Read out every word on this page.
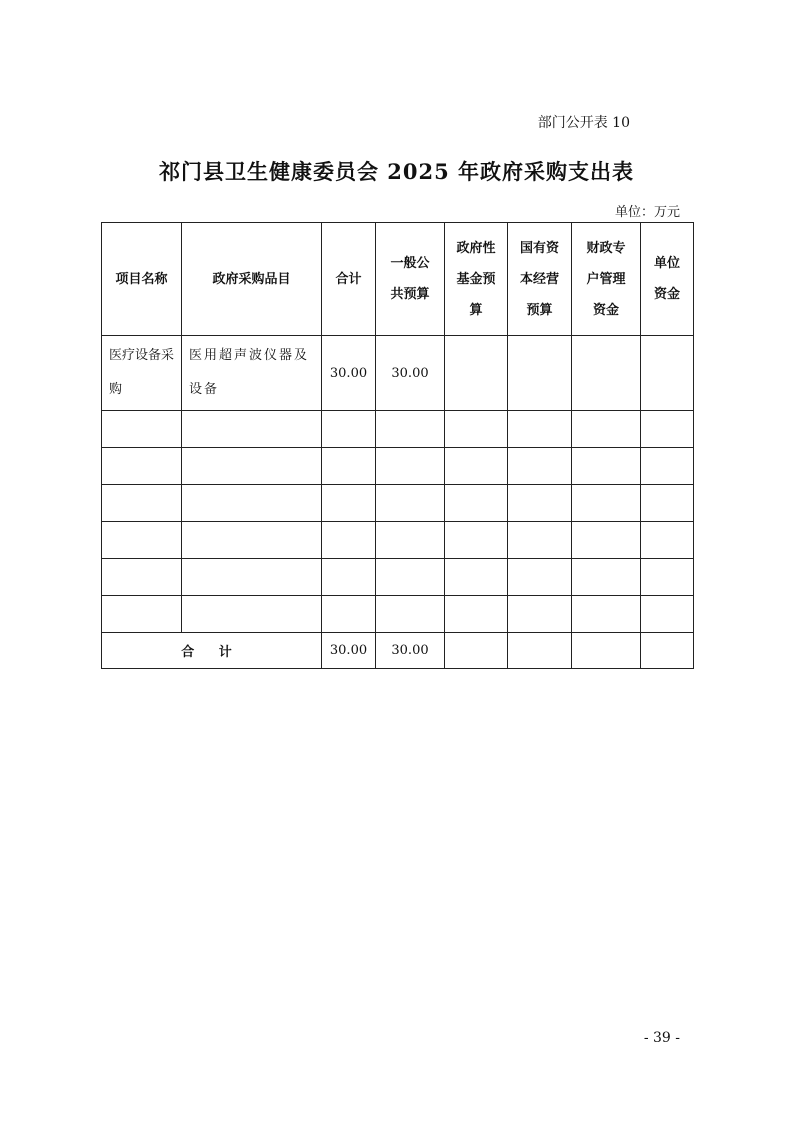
部门公开表 10
祁门县卫生健康委员会 2025 年政府采购支出表
单位：万元
项目名称	政府采购品目	合计	一般公共预算	政府性基金预算	国有资本经营预算	财政专户管理资金	单位资金
医疗设备采购	医用超声波仪器及设备	30.00	30.00				

合 计		30.00	30.00				
- 39 -
